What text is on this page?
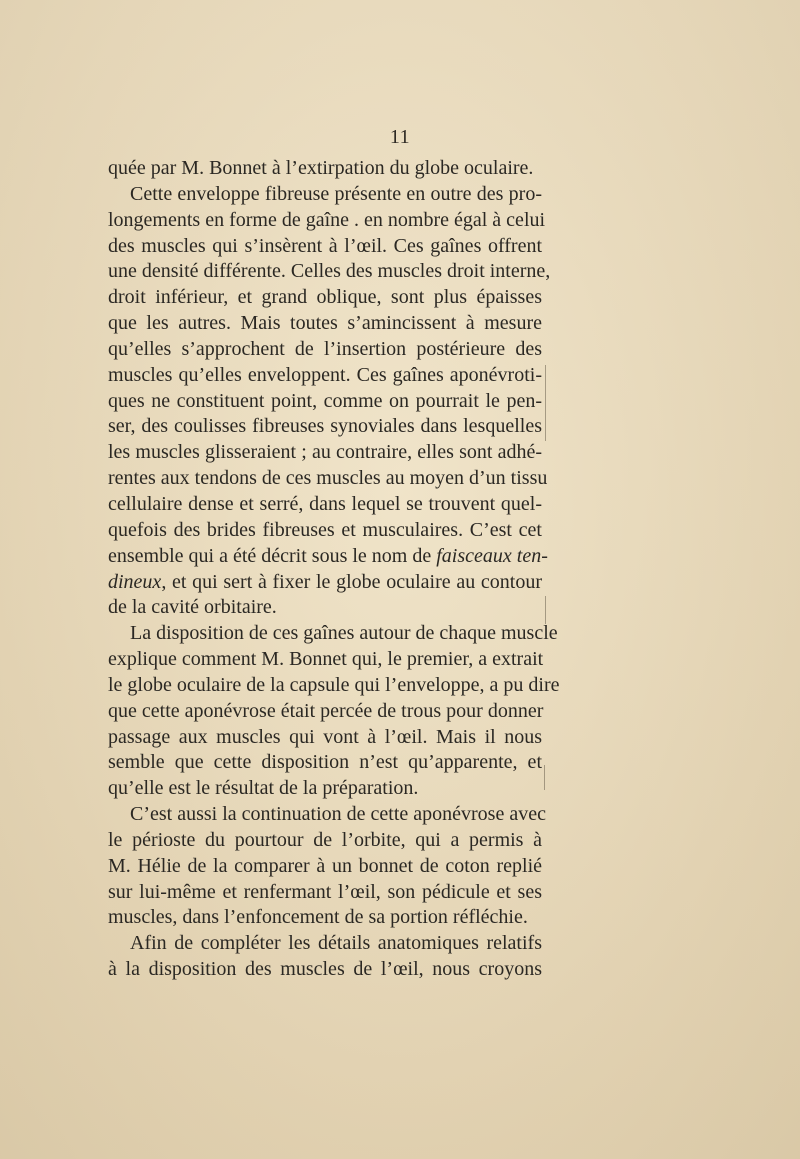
11
quée par M. Bonnet à l’extirpation du globe oculaire.
Cette enveloppe fibreuse présente en outre des pro-
longements en forme de gaîne . en nombre égal à celui
des muscles qui s’insèrent à l’œil. Ces gaînes offrent
une densité différente. Celles des muscles droit interne,
droit inférieur, et grand oblique, sont plus épaisses
que les autres. Mais toutes s’amincissent à mesure
qu’elles s’approchent de l’insertion postérieure des
muscles qu’elles enveloppent. Ces gaînes aponévroti-
ques ne constituent point, comme on pourrait le pen-
ser, des coulisses fibreuses synoviales dans lesquelles
les muscles glisseraient ; au contraire, elles sont adhé-
rentes aux tendons de ces muscles au moyen d’un tissu
cellulaire dense et serré, dans lequel se trouvent quel-
quefois des brides fibreuses et musculaires. C’est cet
ensemble qui a été décrit sous le nom de faisceaux ten-
dineux, et qui sert à fixer le globe oculaire au contour
de la cavité orbitaire.
La disposition de ces gaînes autour de chaque muscle
explique comment M. Bonnet qui, le premier, a extrait
le globe oculaire de la capsule qui l’enveloppe, a pu dire
que cette aponévrose était percée de trous pour donner
passage aux muscles qui vont à l’œil. Mais il nous
semble que cette disposition n’est qu’apparente, et
qu’elle est le résultat de la préparation.
C’est aussi la continuation de cette aponévrose avec
le périoste du pourtour de l’orbite, qui a permis à
M. Hélie de la comparer à un bonnet de coton replié
sur lui-même et renfermant l’œil, son pédicule et ses
muscles, dans l’enfoncement de sa portion réfléchie.
Afin de compléter les détails anatomiques relatifs
à la disposition des muscles de l’œil, nous croyons
